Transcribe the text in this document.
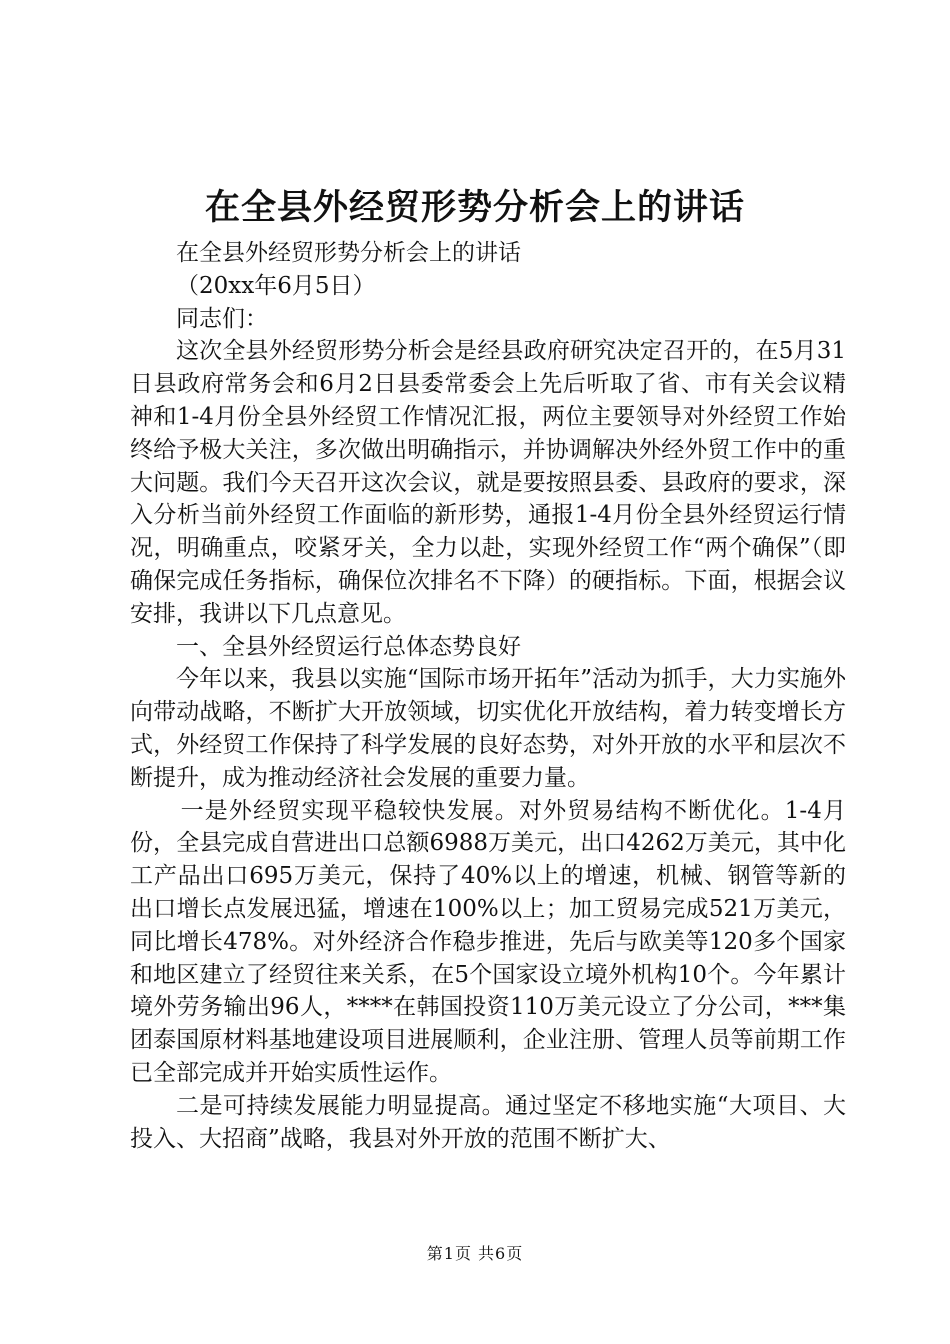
在全县外经贸形势分析会上的讲话

在全县外经贸形势分析会上的讲话

（20xx年6月5日）

同志们：

这次全县外经贸形势分析会是经县政府研究决定召开的，在5月31日县政府常务会和6月2日县委常委会上先后听取了省、市有关会议精神和1-4月份全县外经贸工作情况汇报，两位主要领导对外经贸工作始终给予极大关注，多次做出明确指示，并协调解决外经外贸工作中的重大问题。我们今天召开这次会议，就是要按照县委、县政府的要求，深入分析当前外经贸工作面临的新形势，通报1-4月份全县外经贸运行情况，明确重点，咬紧牙关，全力以赴，实现外经贸工作“两个确保”（即确保完成任务指标，确保位次排名不下降）的硬指标。下面，根据会议安排，我讲以下几点意见。

一、全县外经贸运行总体态势良好

今年以来，我县以实施“国际市场开拓年”活动为抓手，大力实施外向带动战略，不断扩大开放领域，切实优化开放结构，着力转变增长方式，外经贸工作保持了科学发展的良好态势，对外开放的水平和层次不断提升，成为推动经济社会发展的重要力量。

一是外经贸实现平稳较快发展。对外贸易结构不断优化。1-4月份，全县完成自营进出口总额6988万美元，出口4262万美元，其中化工产品出口695万美元，保持了40%以上的增速，机械、钢管等新的出口增长点发展迅猛，增速在100%以上；加工贸易完成521万美元，同比增长478%。对外经济合作稳步推进，先后与欧美等120多个国家和地区建立了经贸往来关系，在5个国家设立境外机构10个。今年累计境外劳务输出96人，****在韩国投资110万美元设立了分公司，***集团泰国原材料基地建设项目进展顺利，企业注册、管理人员等前期工作已全部完成并开始实质性运作。

二是可持续发展能力明显提高。通过坚定不移地实施“大项目、大投入、大招商”战略，我县对外开放的范围不断扩大、

第1页 共6页
